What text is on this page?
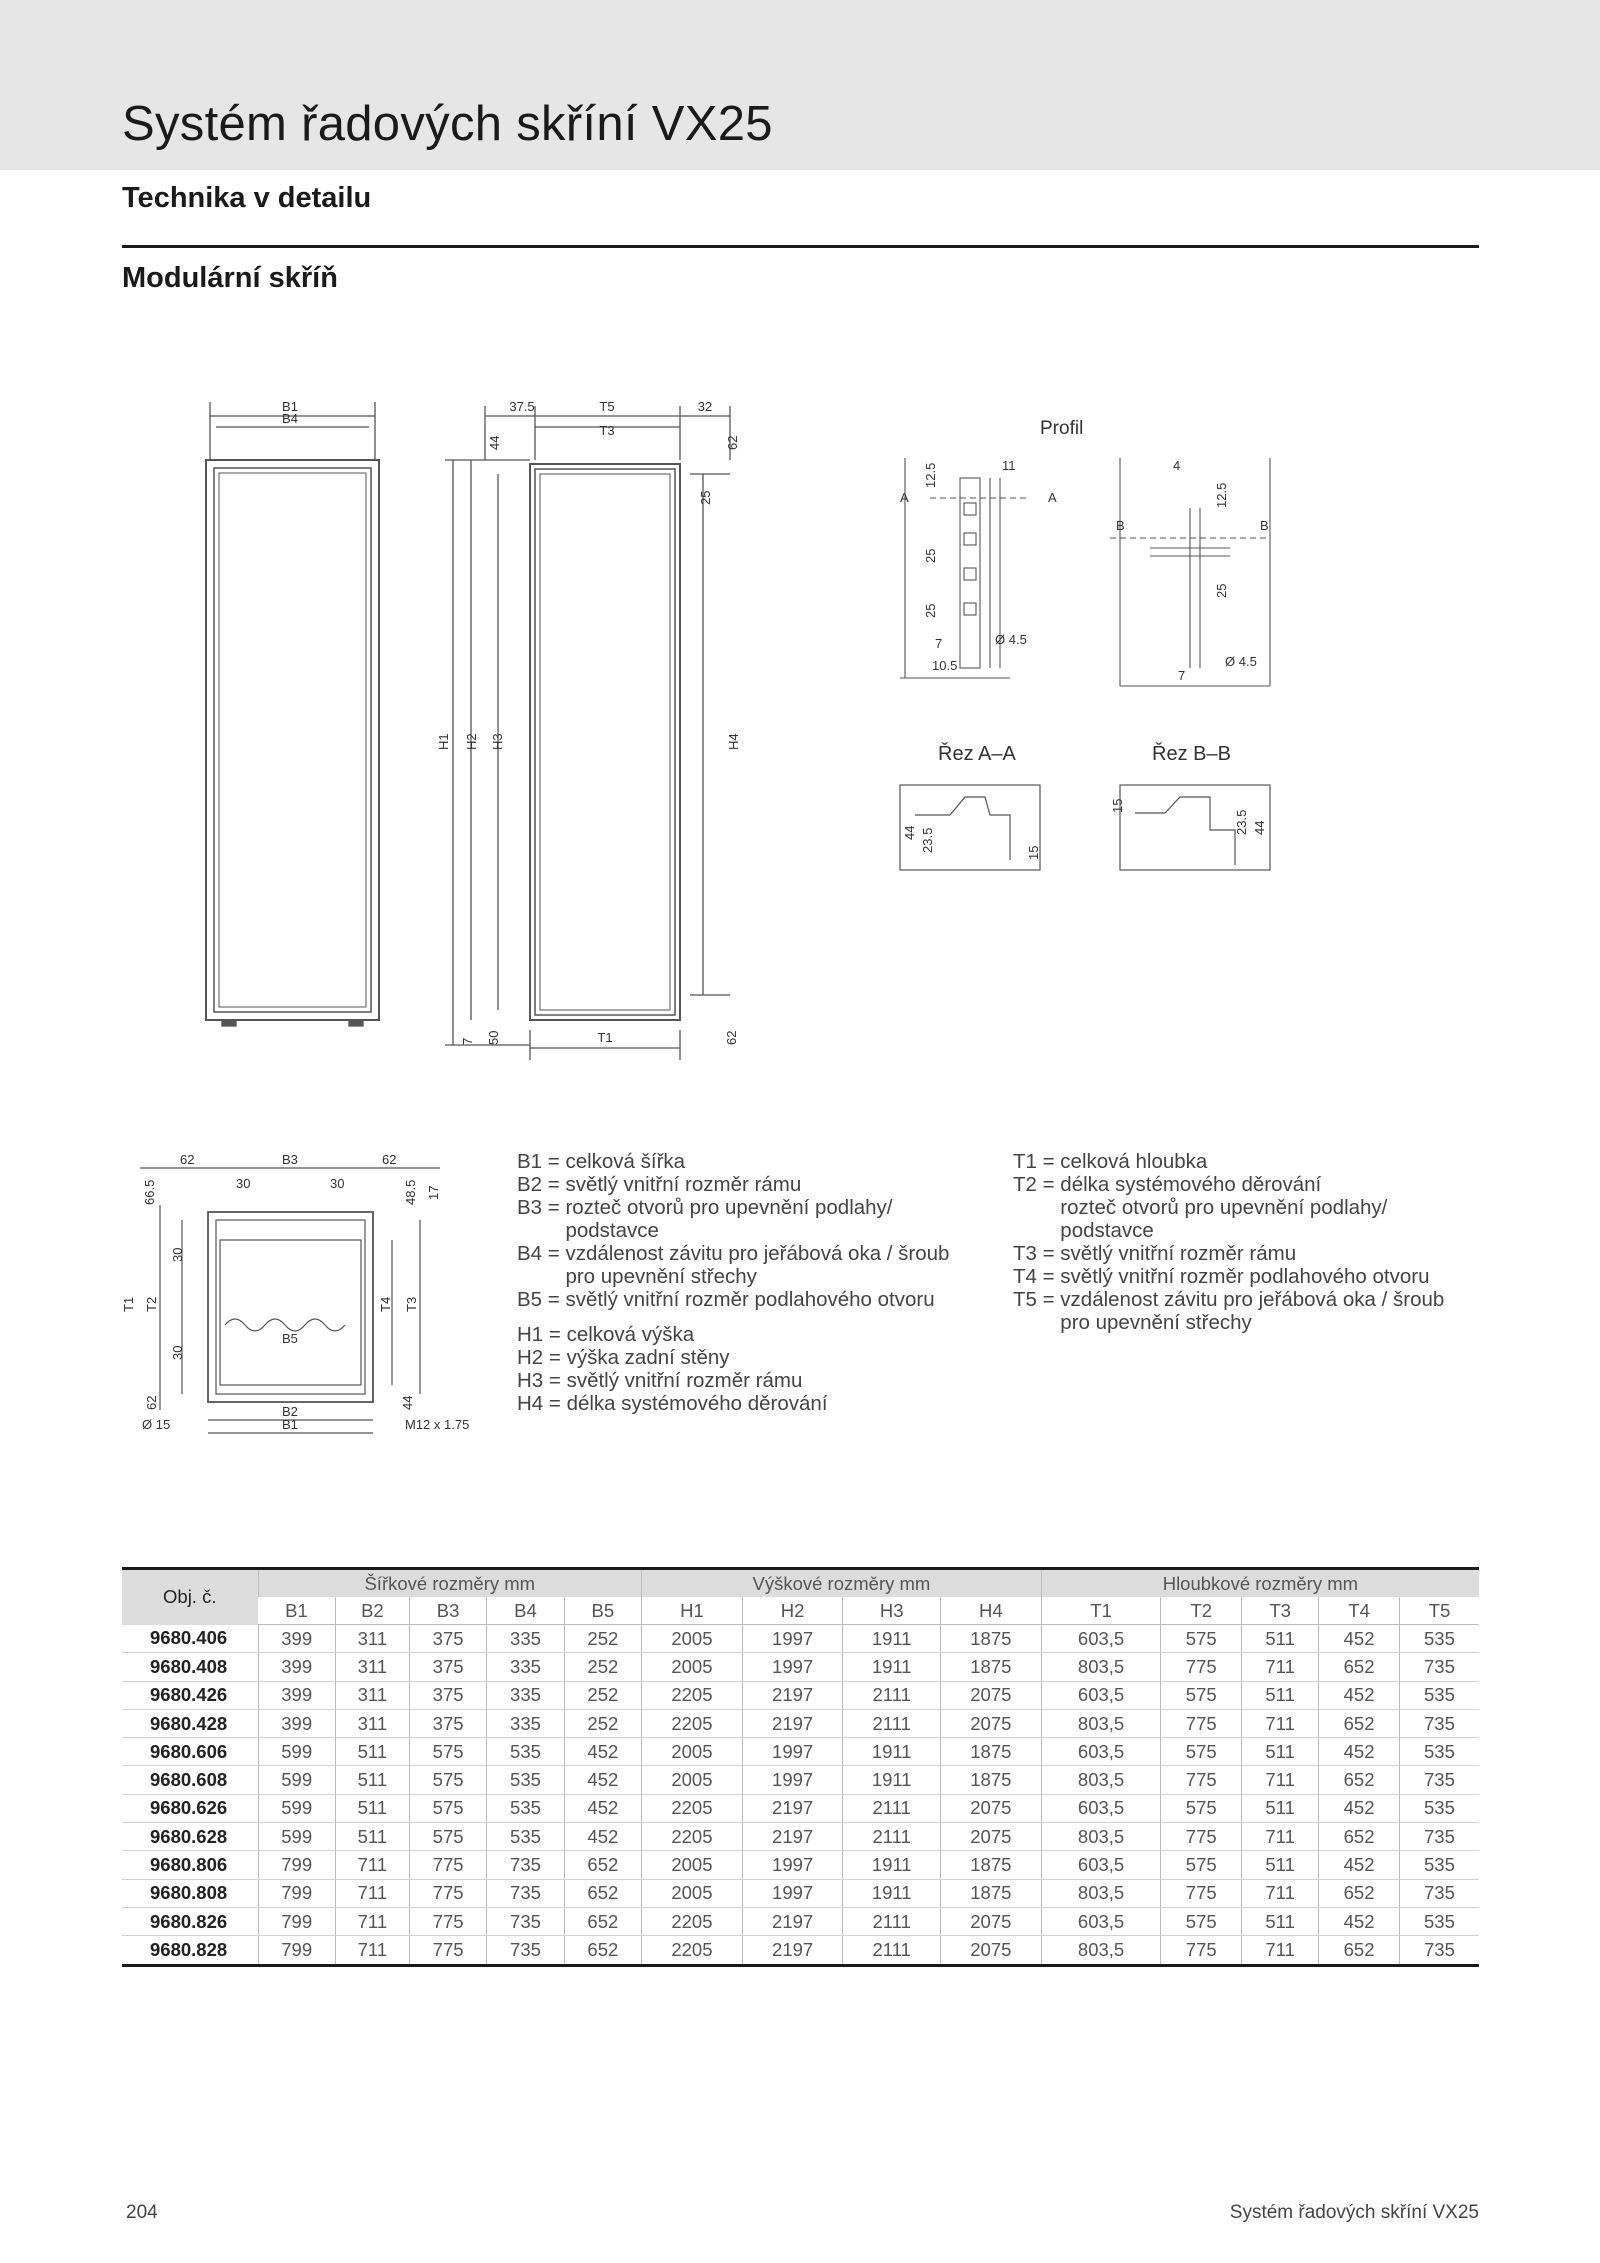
Systém řadových skříní VX25
Technika v detailu
Modulární skříň
B1
B4
37.5	T5	32
T3
44	62
25
H1 H2 H3	H4
7 50	T1	62
Profil
A	A
12.5	11
25
25
7
10.5
Ø 4.5
4
B	B
12.5
25
7
Ø 4.5
Řez A–A	Řez B–B
44 23.5	15
15
23.5 44
62	B3	62
30	30
66.5	48.5 17
30
30
T1 T2	T4 T3
B5
62	44
B2
B1
Ø 15	M12 x 1.75
B1 = celková šířka
B2 = světlý vnitřní rozměr rámu
B3 = rozteč otvorů pro upevnění podlahy/
podstavce
B4 = vzdálenost závitu pro jeřábová oka / šroub
pro upevnění střechy
B5 = světlý vnitřní rozměr podlahového otvoru
H1 = celková výška
H2 = výška zadní stěny
H3 = světlý vnitřní rozměr rámu
H4 = délka systémového děrování
T1 = celková hloubka
T2 = délka systémového děrování
rozteč otvorů pro upevnění podlahy/
podstavce
T3 = světlý vnitřní rozměr rámu
T4 = světlý vnitřní rozměr podlahového otvoru
T5 = vzdálenost závitu pro jeřábová oka / šroub
pro upevnění střechy
Obj. č.	Šířkové rozměry mm					Výškové rozměry mm				Hloubkové rozměry mm				
	B1	B2	B3	B4	B5	H1	H2	H3	H4	T1	T2	T3	T4	T5
9680.406	399	311	375	335	252	2005	1997	1911	1875	603,5	575	511	452	535
9680.408	399	311	375	335	252	2005	1997	1911	1875	803,5	775	711	652	735
9680.426	399	311	375	335	252	2205	2197	2111	2075	603,5	575	511	452	535
9680.428	399	311	375	335	252	2205	2197	2111	2075	803,5	775	711	652	735
9680.606	599	511	575	535	452	2005	1997	1911	1875	603,5	575	511	452	535
9680.608	599	511	575	535	452	2005	1997	1911	1875	803,5	775	711	652	735
9680.626	599	511	575	535	452	2205	2197	2111	2075	603,5	575	511	452	535
9680.628	599	511	575	535	452	2205	2197	2111	2075	803,5	775	711	652	735
9680.806	799	711	775	735	652	2005	1997	1911	1875	603,5	575	511	452	535
9680.808	799	711	775	735	652	2005	1997	1911	1875	803,5	775	711	652	735
9680.826	799	711	775	735	652	2205	2197	2111	2075	603,5	575	511	452	535
9680.828	799	711	775	735	652	2205	2197	2111	2075	803,5	775	711	652	735
204	Systém řadových skříní VX25
